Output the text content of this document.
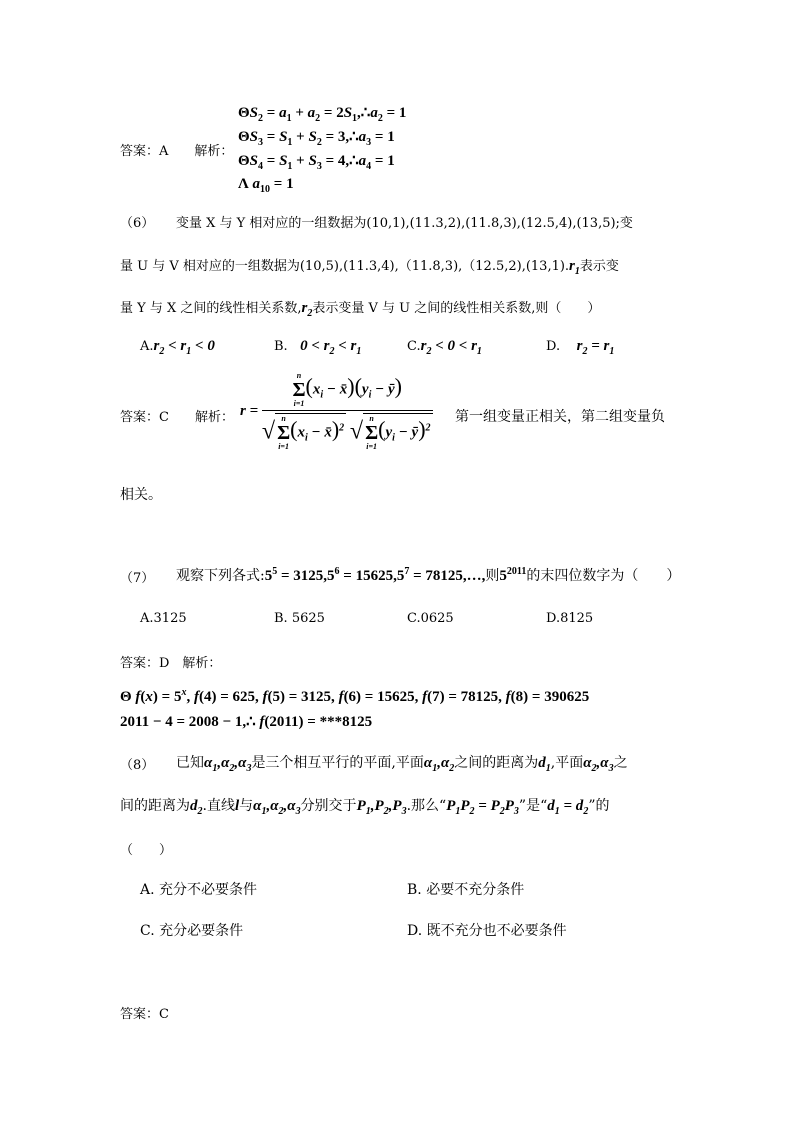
答案：A　　解析：
$\Theta S_2 = a_1 + a_2$ = $2S_1,\therefore a_2 = 1$
$\Theta S_3 = S_1 + S_2$ = $3,\therefore a_3 = 1$
$\Theta S_4 = S_1 + S_3$ = $4,\therefore a_4 = 1$
Λ $a_{10} = 1$
（6） 变量 X 与 Y 相对应的一组数据为(10,1),(11.3,2),(11.8,3),(12.5,4),(13,5);变
量 U 与 V 相对应的一组数据为$(10,5),(11.3,4),(11.8,3),(12.5,2),(13,1).r_1$表示变
量 Y 与 X 之间的线性相关系数$,r_2$表示变量 V 与 U 之间的线性相关系数,则（　　）
$A.r_2 < r_1 < 0$	B. $0 < r_2 < r_1$	$C.r_2 < 0 < r_1$	D. $r_2 = r_1$
答案：C　　解析： r = n
Σ
i=1
($x_i$ − $x̄)(y_i$ − ȳ)
√ n
Σ
i=1
($x_i$ − x̄)$^2$ √ n
Σ
i=1
($y_i$ − ȳ)$^2$ 第一组变量正相关，第二组变量负
相关。
（7） 观察下列各式$:5^5 = 3125,5^6 = 15625,5^7$ = 78125,…,则$5^{2011}$的末四位数字为（　　）
A.3125	B. 5625	C.0625	D.8125
答案：D　解析：
Θ $f(x) = 5^x$, f(4) = 625, f(5) = 3125, f(6) = 15625, f(7) = 78125, f(8) = 390625
2011 − 4 = 2008 − 1,∴ f(2011) = ***8125
（8） 已知$\alpha_1,\alpha_2,\alpha_3$是三个相互平行的平面,平面$\alpha_1,\alpha_2$之间的距离为$d_1$,平面$\alpha_2,\alpha_3$之
间的距离为$d_2$.直线l与$\alpha_1,\alpha_2,\alpha_3$分别交于$P_1,P_2,P_3$.那么“$P_1P_2 = P_2P_3$”是“$d_1 = d_2$”的
（　　）
A. 充分不必要条件	B. 必要不充分条件
C. 充分必要条件	D. 既不充分也不必要条件
答案：C
